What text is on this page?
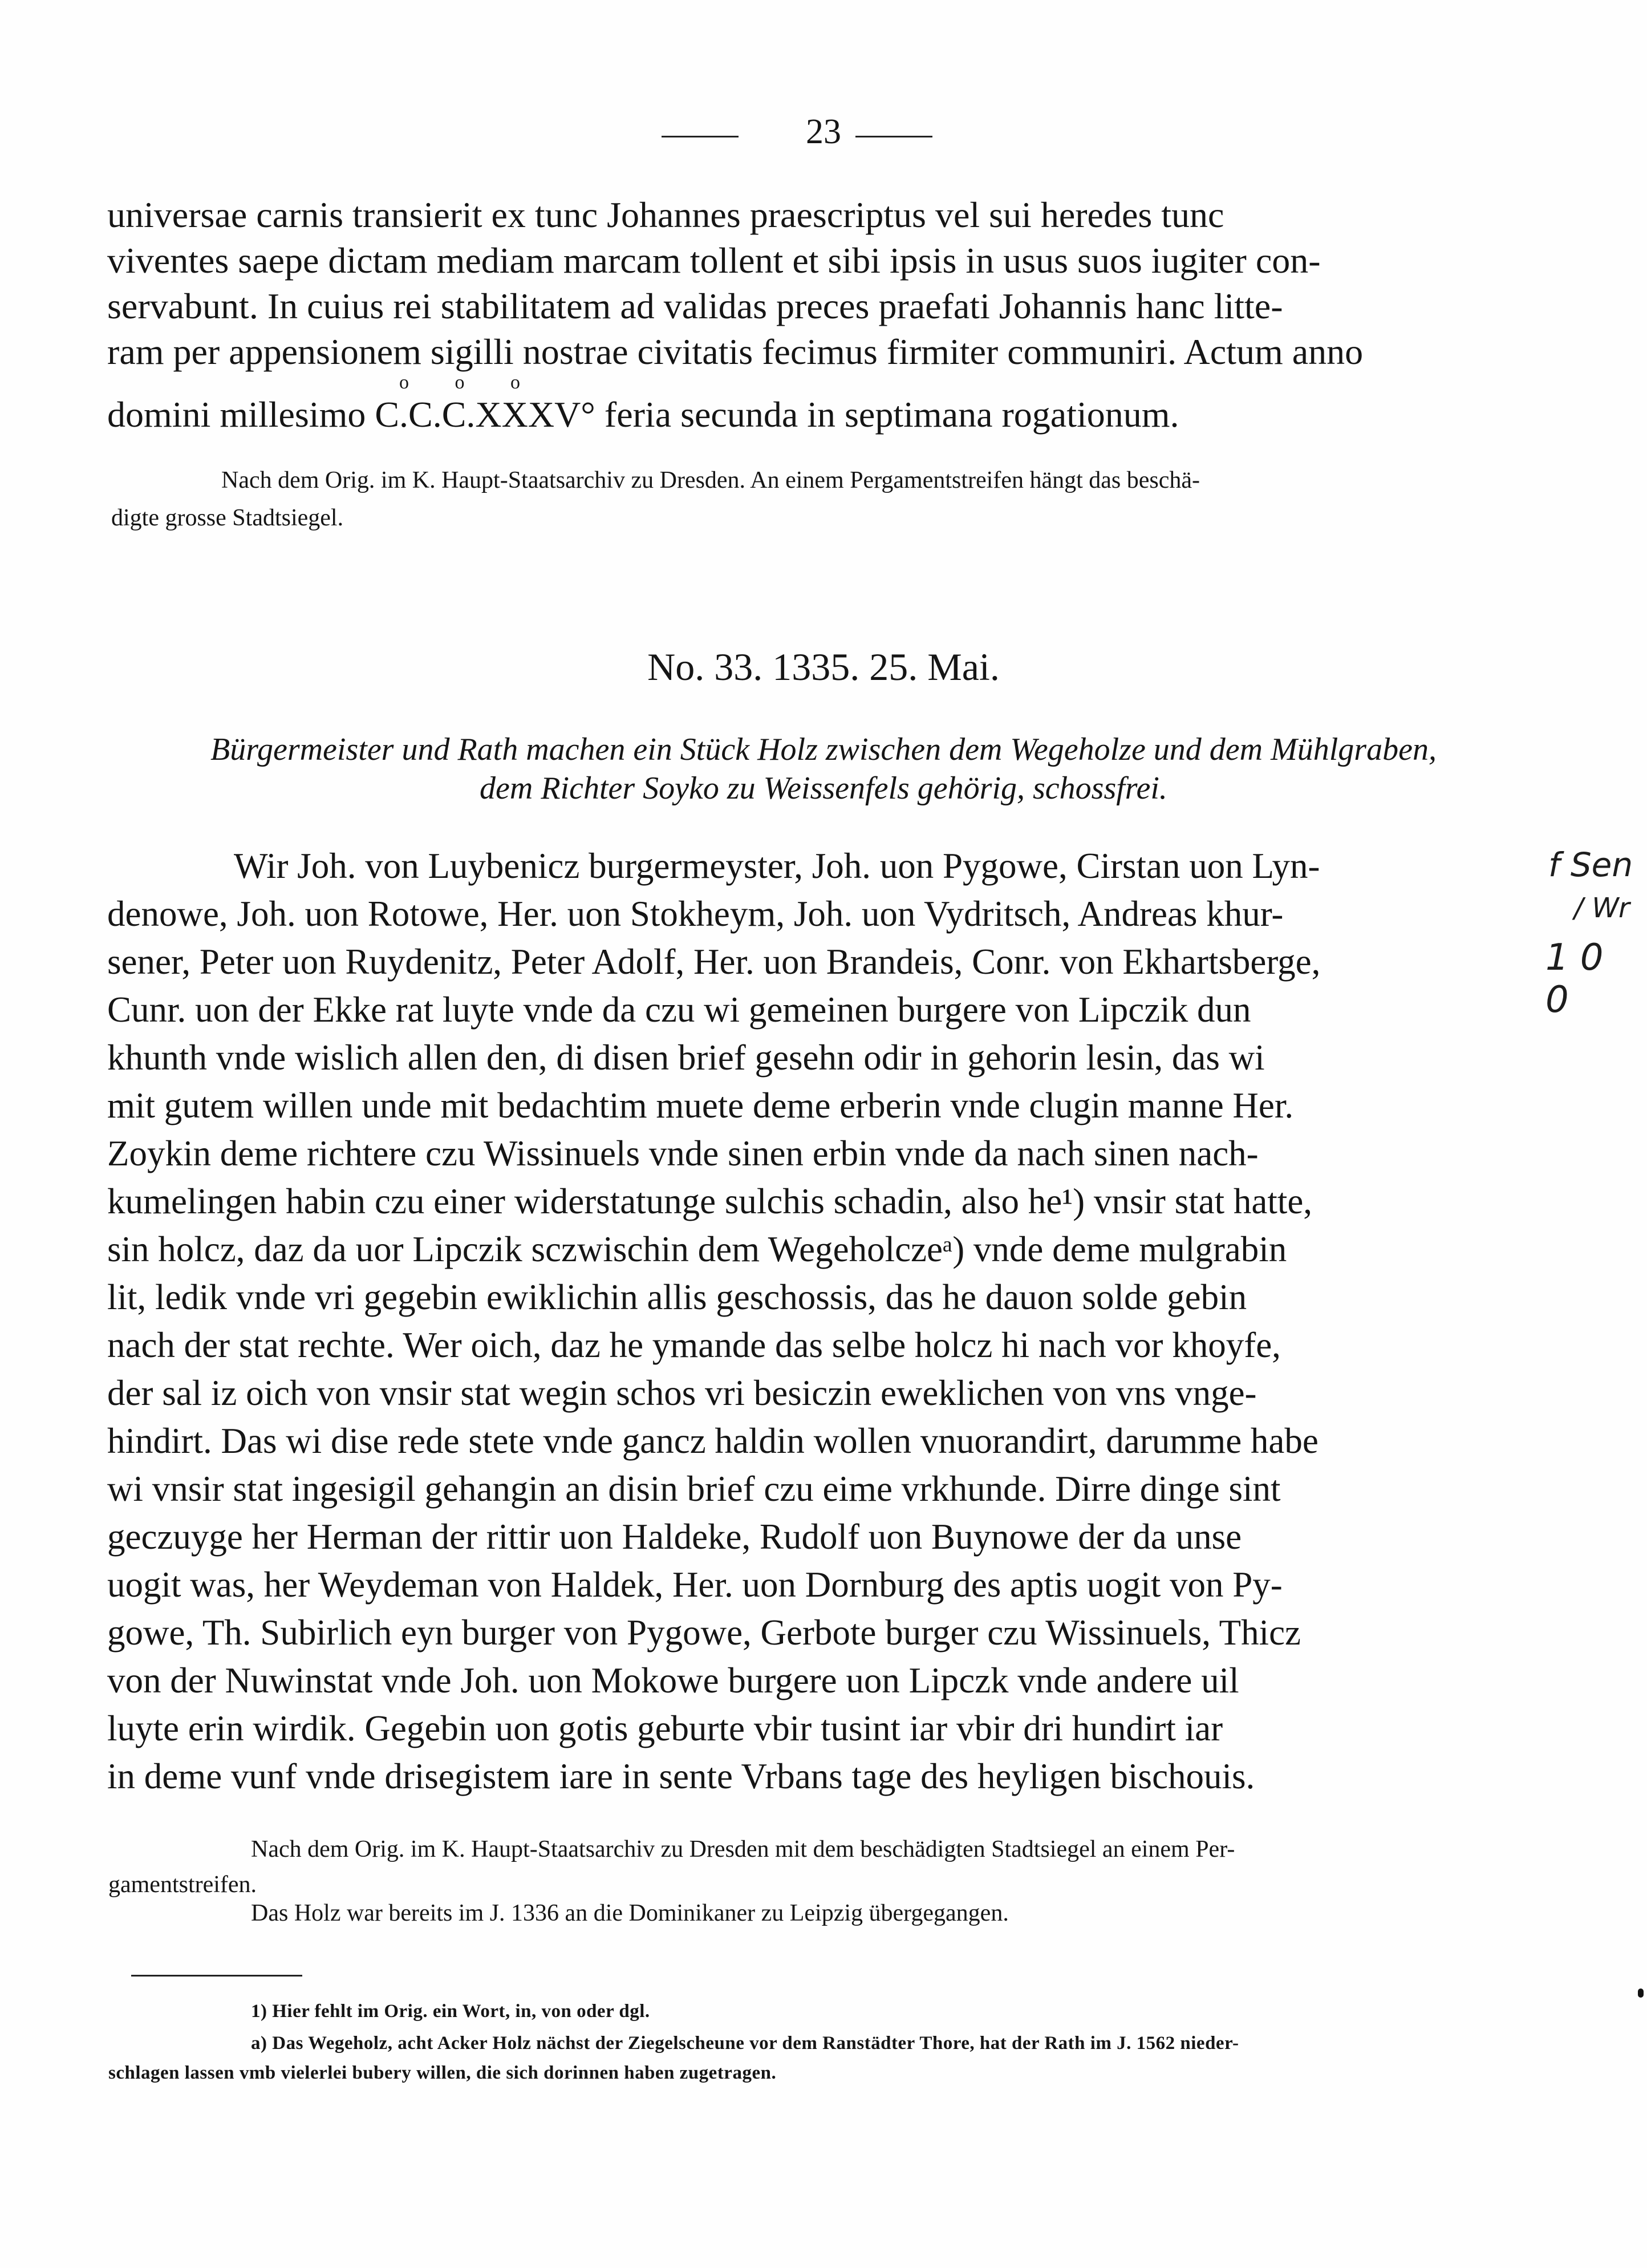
23
universae carnis transierit ex tunc Johannes praescriptus vel sui heredes tunc
viventes saepe dictam mediam marcam tollent et sibi ipsis in usus suos iugiter con-
servabunt. In cuius rei stabilitatem ad validas preces praefati Johannis hanc litte-
ram per appensionem sigilli nostrae civitatis fecimus firmiter communiri. Actum anno
o o o
domini millesimo C.C.C.XXXV° feria secunda in septimana rogationum.
Nach dem Orig. im K. Haupt-Staatsarchiv zu Dresden. An einem Pergamentstreifen hängt das beschä-
digte grosse Stadtsiegel.
No. 33. 1335. 25. Mai.
Bürgermeister und Rath machen ein Stück Holz zwischen dem Wegeholze und dem Mühlgraben,
dem Richter Soyko zu Weissenfels gehörig, schossfrei.
Wir Joh. von Luybenicz burgermeyster, Joh. uon Pygowe, Cirstan uon Lyn-
denowe, Joh. uon Rotowe, Her. uon Stokheym, Joh. uon Vydritsch, Andreas khur-
sener, Peter uon Ruydenitz, Peter Adolf, Her. uon Brandeis, Conr. von Ekhartsberge,
Cunr. uon der Ekke rat luyte vnde da czu wi gemeinen burgere von Lipczik dun
khunth vnde wislich allen den, di disen brief gesehn odir in gehorin lesin, das wi
mit gutem willen unde mit bedachtim muete deme erberin vnde clugin manne Her.
Zoykin deme richtere czu Wissinuels vnde sinen erbin vnde da nach sinen nach-
kumelingen habin czu einer widerstatunge sulchis schadin, also he¹) vnsir stat hatte,
sin holcz, daz da uor Lipczik sczwischin dem Wegeholczeᵃ) vnde deme mulgrabin
lit, ledik vnde vri gegebin ewiklichin allis geschossis, das he dauon solde gebin
nach der stat rechte. Wer oich, daz he ymande das selbe holcz hi nach vor khoyfe,
der sal iz oich von vnsir stat wegin schos vri besiczin eweklichen von vns vnge-
hindirt. Das wi dise rede stete vnde gancz haldin wollen vnuorandirt, darumme habe
wi vnsir stat ingesigil gehangin an disin brief czu eime vrkhunde. Dirre dinge sint
geczuyge her Herman der rittir uon Haldeke, Rudolf uon Buynowe der da unse
uogit was, her Weydeman von Haldek, Her. uon Dornburg des aptis uogit von Py-
gowe, Th. Subirlich eyn burger von Pygowe, Gerbote burger czu Wissinuels, Thicz
von der Nuwinstat vnde Joh. uon Mokowe burgere uon Lipczk vnde andere uil
luyte erin wirdik. Gegebin uon gotis geburte vbir tusint iar vbir dri hundirt iar
in deme vunf vnde drisegistem iare in sente Vrbans tage des heyligen bischouis.
Nach dem Orig. im K. Haupt-Staatsarchiv zu Dresden mit dem beschädigten Stadtsiegel an einem Per-
gamentstreifen.
Das Holz war bereits im J. 1336 an die Dominikaner zu Leipzig übergegangen.
1) Hier fehlt im Orig. ein Wort, in, von oder dgl.
a) Das Wegeholz, acht Acker Holz nächst der Ziegelscheune vor dem Ranstädter Thore, hat der Rath im J. 1562 nieder-
schlagen lassen vmb vielerlei bubery willen, die sich dorinnen haben zugetragen.
f Sen
/ Wr
10 0
